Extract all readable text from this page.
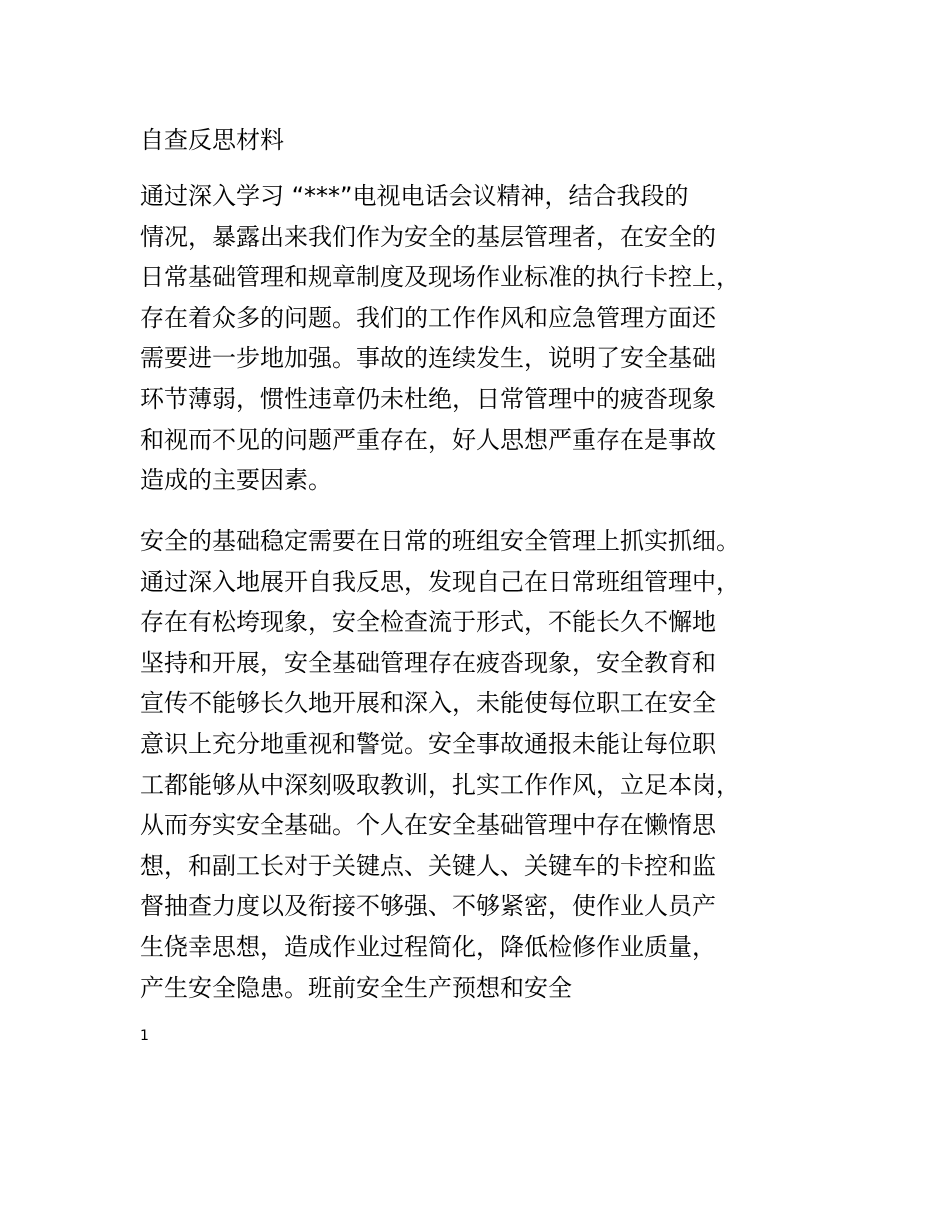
自查反思材料

通过深入学习 “***”电视电话会议精神，结合我段的
情况，暴露出来我们作为安全的基层管理者，在安全的
日常基础管理和规章制度及现场作业标准的执行卡控上，
存在着众多的问题。我们的工作作风和应急管理方面还
需要进一步地加强。事故的连续发生，说明了安全基础
环节薄弱，惯性违章仍未杜绝，日常管理中的疲沓现象
和视而不见的问题严重存在，好人思想严重存在是事故
造成的主要因素。

安全的基础稳定需要在日常的班组安全管理上抓实抓细。
通过深入地展开自我反思，发现自己在日常班组管理中，
存在有松垮现象，安全检查流于形式，不能长久不懈地
坚持和开展，安全基础管理存在疲沓现象，安全教育和
宣传不能够长久地开展和深入，未能使每位职工在安全
意识上充分地重视和警觉。安全事故通报未能让每位职
工都能够从中深刻吸取教训，扎实工作作风，立足本岗，
从而夯实安全基础。个人在安全基础管理中存在懒惰思
想，和副工长对于关键点、关键人、关键车的卡控和监
督抽查力度以及衔接不够强、不够紧密，使作业人员产
生侥幸思想，造成作业过程简化，降低检修作业质量，
产生安全隐患。班前安全生产预想和安全

1
